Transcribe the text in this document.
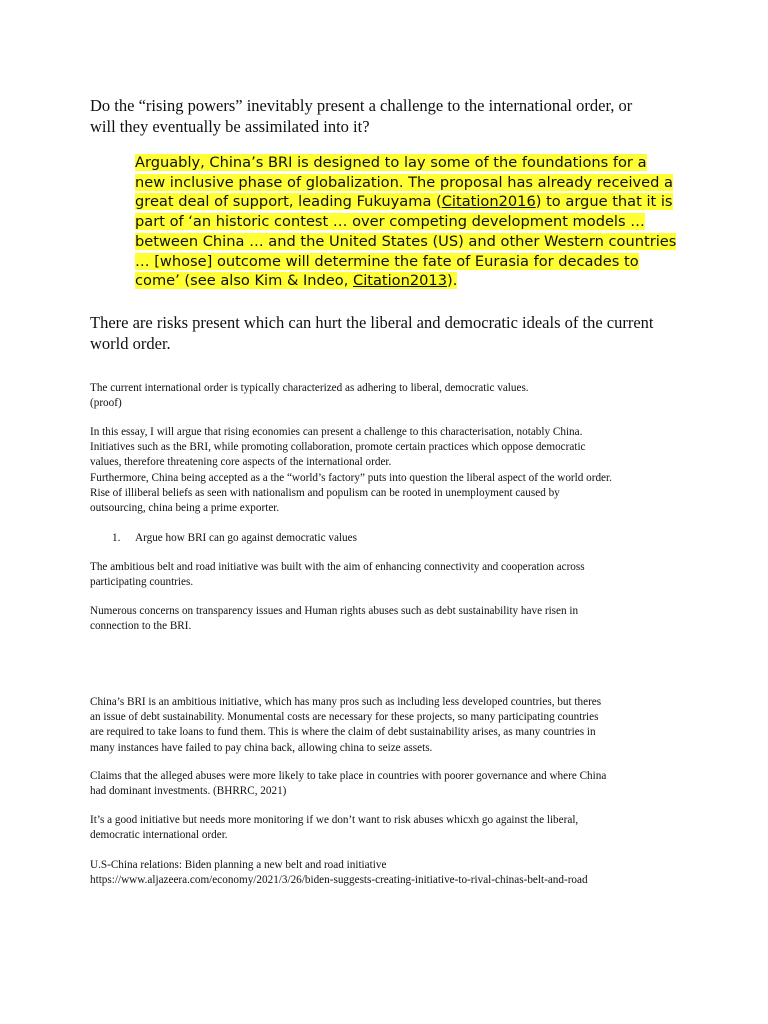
Do the “rising powers” inevitably present a challenge to the international order, or
will they eventually be assimilated into it?
Arguably, China’s BRI is designed to lay some of the foundations for a new inclusive phase of globalization. The proposal has already received a great deal of support, leading Fukuyama (Citation2016) to argue that it is part of ‘an historic contest … over competing development models … between China … and the United States (US) and other Western countries … [whose] outcome will determine the fate of Eurasia for decades to come’ (see also Kim & Indeo, Citation2013).
There are risks present which can hurt the liberal and democratic ideals of the current
world order.
The current international order is typically characterized as adhering to liberal, democratic values.
(proof)
In this essay, I will argue that rising economies can present a challenge to this characterisation, notably China.
Initiatives such as the BRI, while promoting collaboration, promote certain practices which oppose democratic
values, therefore threatening core aspects of the international order.
Furthermore, China being accepted as a the “world’s factory” puts into question the liberal aspect of the world order.
Rise of illiberal beliefs as seen with nationalism and populism can be rooted in unemployment caused by
outsourcing, china being a prime exporter.
1. Argue how BRI can go against democratic values
The ambitious belt and road initiative was built with the aim of enhancing connectivity and cooperation across
participating countries.
Numerous concerns on transparency issues and Human rights abuses such as debt sustainability have risen in
connection to the BRI.
China’s BRI is an ambitious initiative, which has many pros such as including less developed countries, but theres
an issue of debt sustainability. Monumental costs are necessary for these projects, so many participating countries
are required to take loans to fund them. This is where the claim of debt sustainability arises, as many countries in
many instances have failed to pay china back, allowing china to seize assets.
Claims that the alleged abuses were more likely to take place in countries with poorer governance and where China
had dominant investments. (BHRRC, 2021)
It’s a good initiative but needs more monitoring if we don’t want to risk abuses whicxh go against the liberal,
democratic international order.
U.S-China relations: Biden planning a new belt and road initiative
https://www.aljazeera.com/economy/2021/3/26/biden-suggests-creating-initiative-to-rival-chinas-belt-and-road
